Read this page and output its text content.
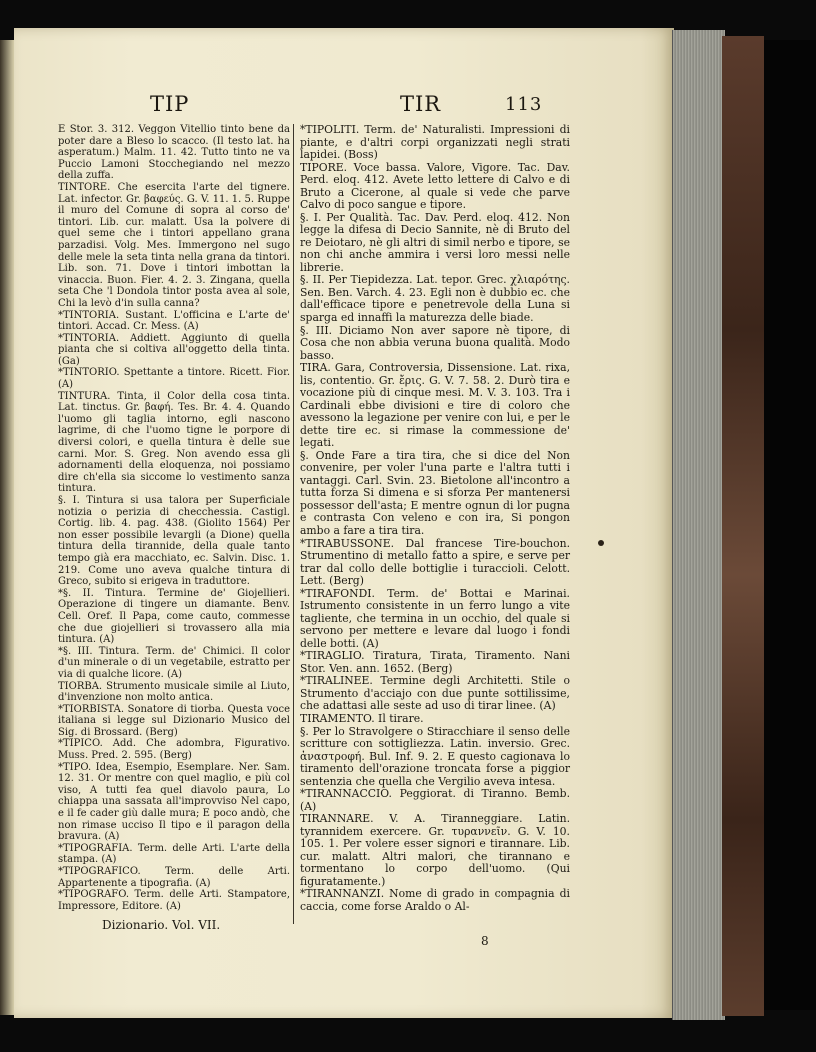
TIP	TIR	113

E Stor. 3. 312. Veggon Vitellio tinto bene da poter dare a Bleso lo scacco. (Il testo lat. ha asperatum.) Malm. 11. 42. Tutto tinto ne va Puccio Lamoni Stocchegiando nel mezzo della zuffa.

TINTORE. Che esercita l'arte del tignere. Lat. infector. Gr. βαφεύς. G. V. 11. 1. 5. Ruppe il muro del Comune di sopra al corso de' tintori. Lib. cur. malatt. Usa la polvere di quel seme che i tintori appellano grana parzadisi. Volg. Mes. Immergono nel sugo delle mele la seta tinta nella grana da tintori. Lib. son. 71. Dove i tintori imbottan la vinaccia. Buon. Fier. 4. 2. 3. Zingana, quella seta Che 'l Dondola tintor posta avea al sole, Chi la levò d'in sulla canna?

*TINTORIA. Sustant. L'officina e L'arte de' tintori. Accad. Cr. Mess. (A)

*TINTORIA. Addiett. Aggiunto di quella pianta che si coltiva all'oggetto della tinta. (Ga)

*TINTORIO. Spettante a tintore. Ricett. Fior. (A)

TINTURA. Tinta, il Color della cosa tinta. Lat. tinctus. Gr. βαφή. Tes. Br. 4. 4. Quando l'uomo gli taglia intorno, egli nascono lagrime, di che l'uomo tigne le porpore di diversi colori, e quella tintura è delle sue carni. Mor. S. Greg. Non avendo essa gli adornamenti della eloquenza, noi possiamo dire ch'ella sia siccome lo vestimento sanza tintura.

§. I. Tintura si usa talora per Superficiale notizia o perizia di checchessia. Castigl. Cortig. lib. 4. pag. 438. (Giolito 1564) Per non esser possibile levargli (a Dione) quella tintura della tirannide, della quale tanto tempo già era macchiato, ec. Salvin. Disc. 1. 219. Come uno aveva qualche tintura di Greco, subito si erigeva in traduttore.

*§. II. Tintura. Termine de' Giojellieri. Operazione di tingere un diamante. Benv. Cell. Oref. Il Papa, come cauto, commesse che due giojellieri si trovassero alla mia tintura. (A)

*§. III. Tintura. Term. de' Chimici. Il color d'un minerale o di un vegetabile, estratto per via di qualche licore. (A)

TIORBA. Strumento musicale simile al Liuto, d'invenzione non molto antica.

*TIORBISTA. Sonatore di tiorba. Questa voce italiana si legge sul Dizionario Musico del Sig. di Brossard. (Berg)

*TIPICO. Add. Che adombra, Figurativo. Muss. Pred. 2. 595. (Berg)

*TIPO. Idea, Esempio, Esemplare. Ner. Sam. 12. 31. Or mentre con quel maglio, e più col viso, A tutti fea quel diavolo paura, Lo chiappa una sassata all'improvviso Nel capo, e il fe cader giù dalle mura; E poco andò, che non rimase ucciso Il tipo e il paragon della bravura. (A)

*TIPOGRAFIA. Term. delle Arti. L'arte della stampa. (A)

*TIPOGRAFICO. Term. delle Arti. Appartenente a tipografia. (A)

*TIPOGRAFO. Term. delle Arti. Stampatore, Impressore, Editore. (A)

*TIPOLITI. Term. de' Naturalisti. Impressioni di piante, e d'altri corpi organizzati negli strati lapidei. (Boss)

TIPORE. Voce bassa. Valore, Vigore. Tac. Dav. Perd. eloq. 412. Avete letto lettere di Calvo e di Bruto a Cicerone, al quale si vede che parve Calvo di poco sangue e tipore.

§. I. Per Qualità. Tac. Dav. Perd. eloq. 412. Non legge la difesa di Decio Sannite, nè di Bruto del re Deiotaro, nè gli altri di simil nerbo e tipore, se non chi anche ammira i versi loro messi nelle librerie.

§. II. Per Tiepidezza. Lat. tepor. Grec. χλιαρότης. Sen. Ben. Varch. 4. 23. Egli non è dubbio ec. che dall'efficace tipore e penetrevole della Luna si sparga ed innaffi la maturezza delle biade.

§. III. Diciamo Non aver sapore nè tipore, di Cosa che non abbia veruna buona qualità. Modo basso.

TIRA. Gara, Controversia, Dissensione. Lat. rixa, lis, contentio. Gr. ἔρις. G. V. 7. 58. 2. Durò tira e vocazione più di cinque mesi. M. V. 3. 103. Tra i Cardinali ebbe divisioni e tire di coloro che avessono la legazione per venire con lui, e per le dette tire ec. si rimase la commessione de' legati.

§. Onde Fare a tira tira, che si dice del Non convenire, per voler l'una parte e l'altra tutti i vantaggi. Carl. Svin. 23. Bietolone all'incontro a tutta forza Si dimena e si sforza Per mantenersi possessor dell'asta; E mentre ognun di lor pugna e contrasta Con veleno e con ira, Si pongon ambo a fare a tira tira.

*TIRABUSSONE. Dal francese Tire-bouchon. Strumentino di metallo fatto a spire, e serve per trar dal collo delle bottiglie i turaccioli. Celott. Lett. (Berg)

*TIRAFONDI. Term. de' Bottai e Marinai. Istrumento consistente in un ferro lungo a vite tagliente, che termina in un occhio, del quale si servono per mettere e levare dal luogo i fondi delle botti. (A)

*TIRAGLIO. Tiratura, Tirata, Tiramento. Nani Stor. Ven. ann. 1652. (Berg)

*TIRALINEE. Termine degli Architetti. Stile o Strumento d'acciajo con due punte sottilissime, che adattasi alle seste ad uso di tirar linee. (A)

TIRAMENTO. Il tirare.

§. Per lo Stravolgere o Stiracchiare il senso delle scritture con sottigliezza. Latin. inversio. Grec. ἀναστροφή. Bul. Inf. 9. 2. E questo cagionava lo tiramento dell'orazione troncata forse a piggior sentenzia che quella che Vergilio aveva intesa.

*TIRANNACCIO. Peggiorat. di Tiranno. Bemb. (A)

TIRANNARE. V. A. Tiranneggiare. Latin. tyrannidem exercere. Gr. τυραννεῖν. G. V. 10. 105. 1. Per volere esser signori e tirannare. Lib. cur. malatt. Altri malori, che tirannano e tormentano lo corpo dell'uomo. (Qui figuratamente.)

*TIRANNANZI. Nome di grado in compagnia di caccia, come forse Araldo o Al-

Dizionario. Vol. VII.
8
